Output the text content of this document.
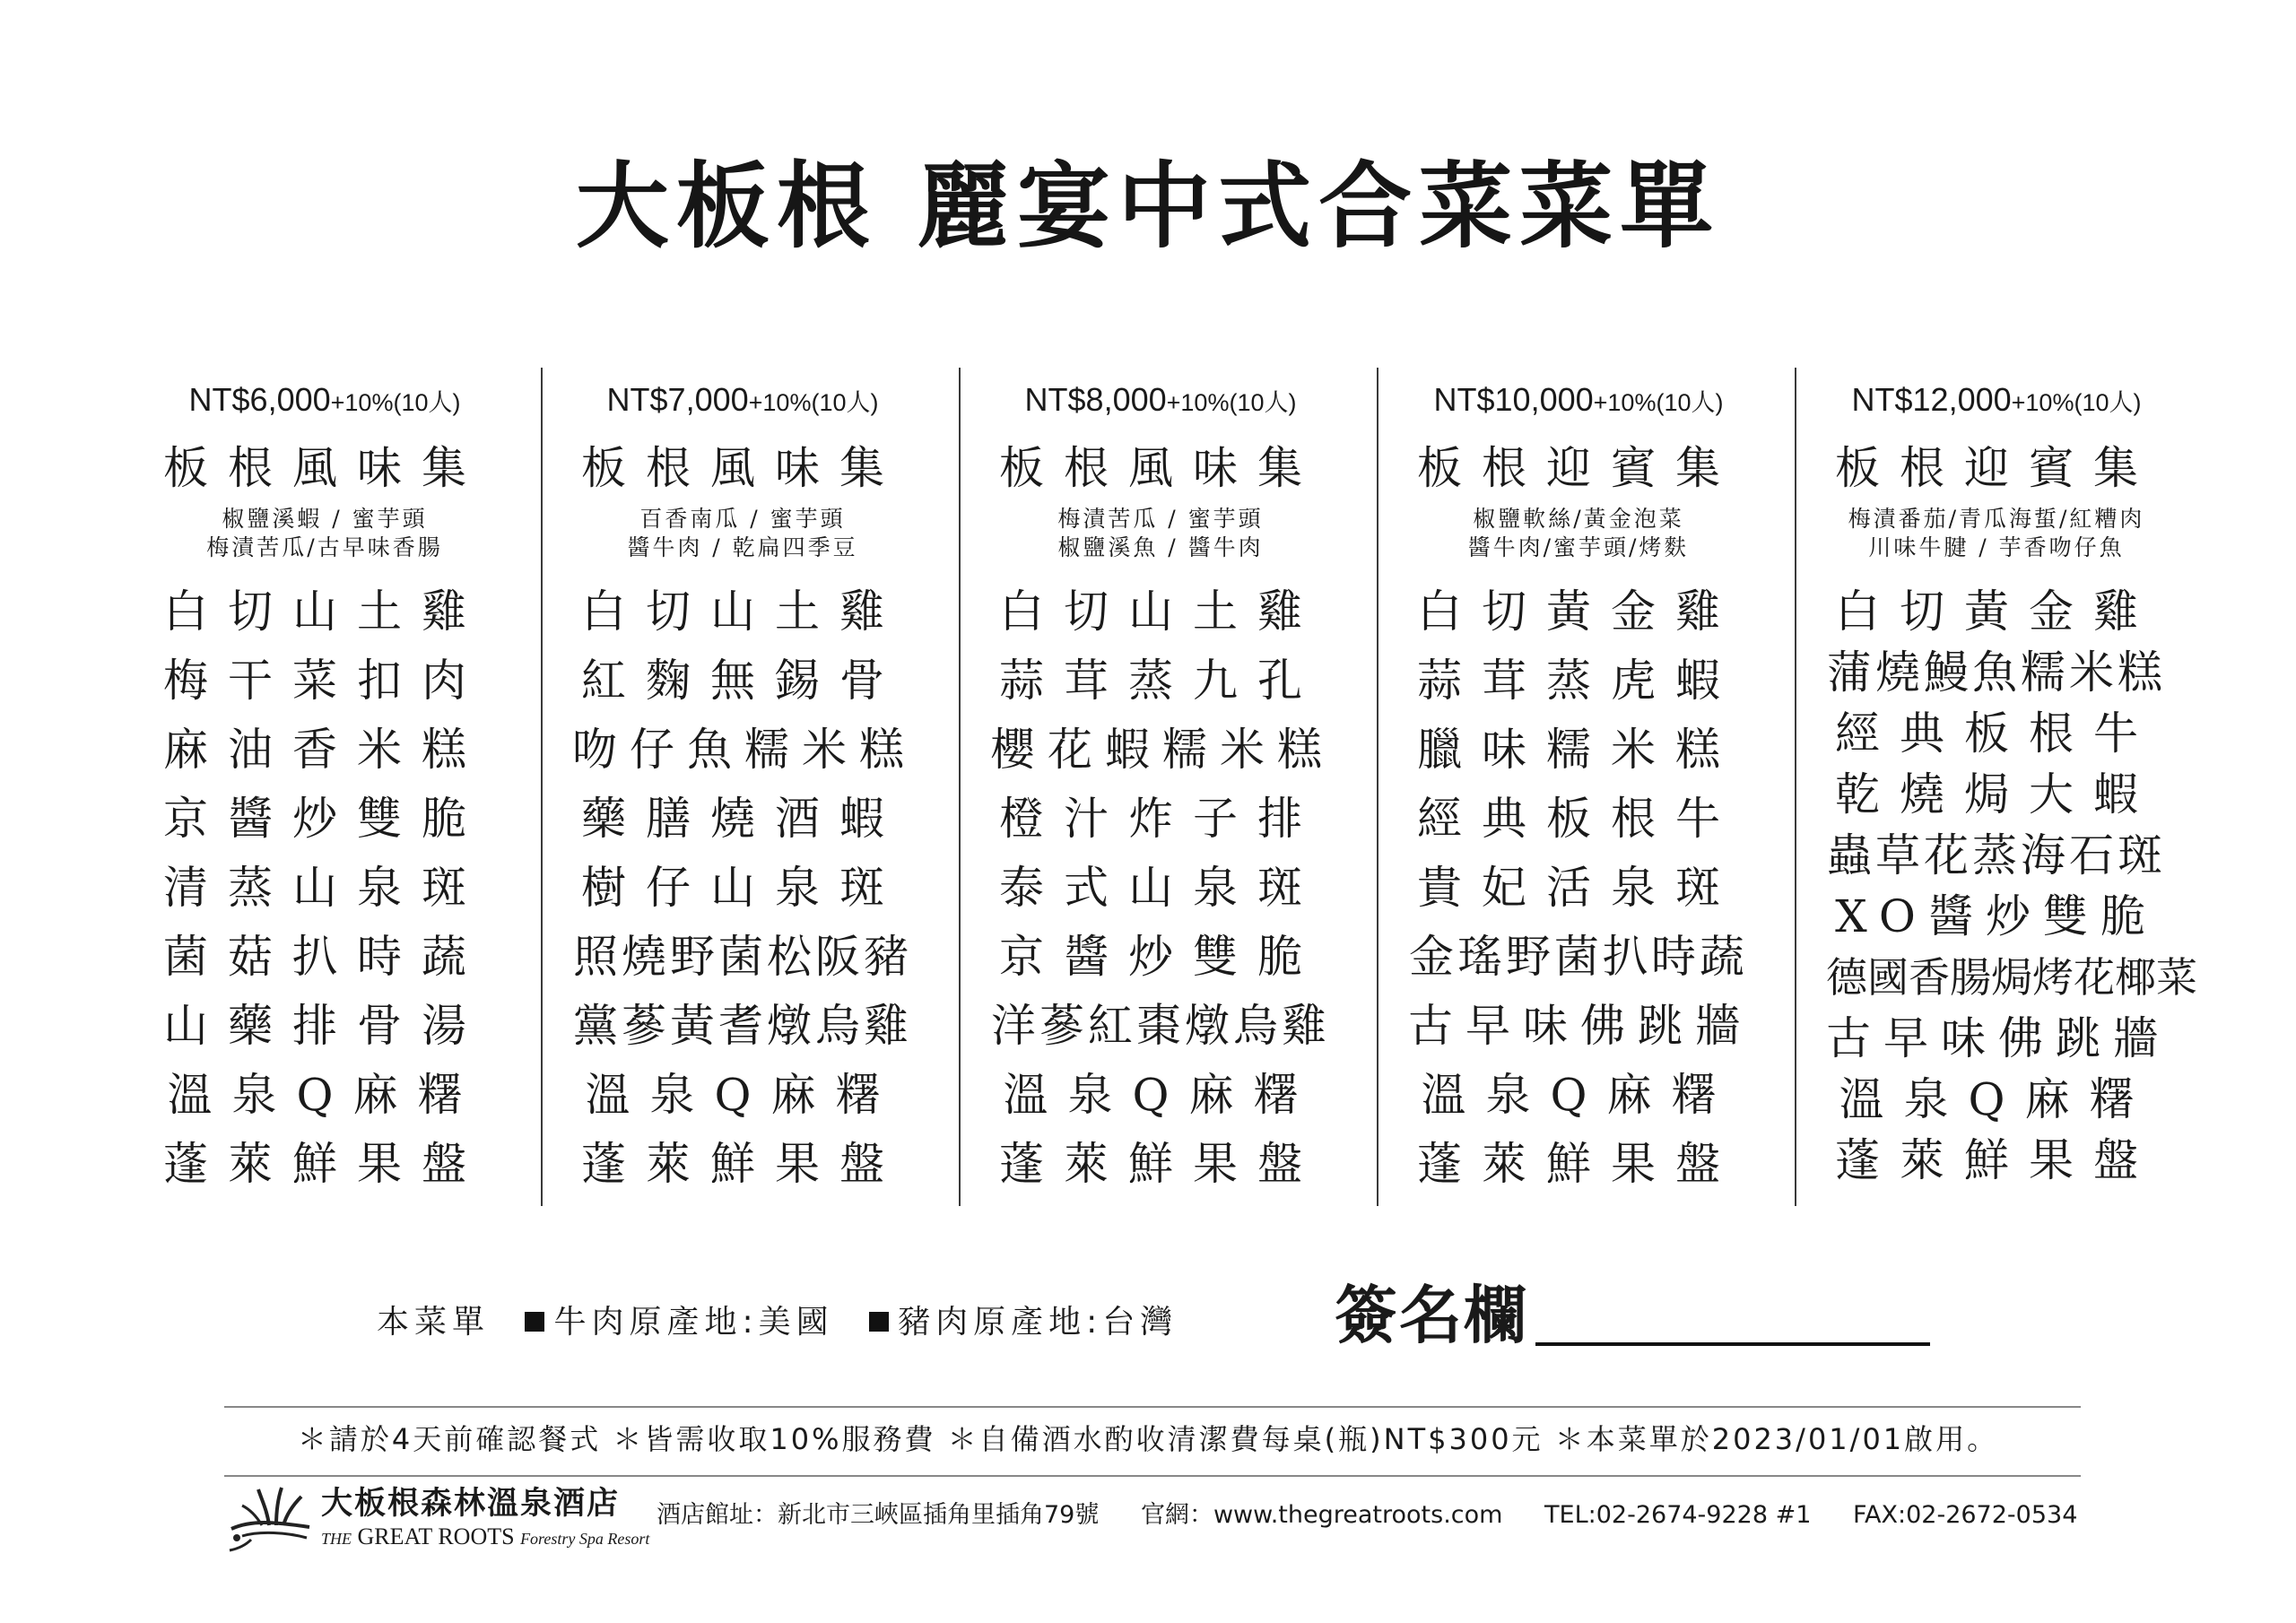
大板根 麗宴中式合菜菜單
NT$6,000+10%(10人)
板根風味集
椒鹽溪蝦 / 蜜芋頭
梅漬苦瓜/古早味香腸
白切山土雞
梅干菜扣肉
麻油香米糕
京醬炒雙脆
清蒸山泉斑
菌菇扒時蔬
山藥排骨湯
溫泉Q麻糬
蓬萊鮮果盤
NT$7,000+10%(10人)
板根風味集
百香南瓜 / 蜜芋頭
醬牛肉 / 乾扁四季豆
白切山土雞
紅麴無錫骨
吻仔魚糯米糕
藥膳燒酒蝦
樹仔山泉斑
照燒野菌松阪豬
黨蔘黃耆燉烏雞
溫泉Q麻糬
蓬萊鮮果盤
NT$8,000+10%(10人)
板根風味集
梅漬苦瓜 / 蜜芋頭
椒鹽溪魚 / 醬牛肉
白切山土雞
蒜茸蒸九孔
櫻花蝦糯米糕
橙汁炸子排
泰式山泉斑
京醬炒雙脆
洋蔘紅棗燉烏雞
溫泉Q麻糬
蓬萊鮮果盤
NT$10,000+10%(10人)
板根迎賓集
椒鹽軟絲/黃金泡菜
醬牛肉/蜜芋頭/烤麩
白切黃金雞
蒜茸蒸虎蝦
臘味糯米糕
經典板根牛
貴妃活泉斑
金瑤野菌扒時蔬
古早味佛跳牆
溫泉Q麻糬
蓬萊鮮果盤
NT$12,000+10%(10人)
板根迎賓集
梅漬番茄/青瓜海蜇/紅糟肉
川味牛腱 / 芋香吻仔魚
白切黃金雞
蒲燒鰻魚糯米糕
經典板根牛
乾燒焗大蝦
蟲草花蒸海石斑
XO醬炒雙脆
德國香腸焗烤花椰菜
古早味佛跳牆
溫泉Q麻糬
蓬萊鮮果盤
本菜單 牛肉原產地:美國 豬肉原產地:台灣 簽名欄
＊請於4天前確認餐式 ＊皆需收取10%服務費 ＊自備酒水酌收清潔費每桌(瓶)NT$300元 ＊本菜單於2023/01/01啟用。
大板根森林溫泉酒店
THE GREAT ROOTS Forestry Spa Resort
酒店館址：新北市三峽區插角里插角79號 官網：www.thegreatroots.com TEL:02-2674-9228 #1 FAX:02-2672-0534
